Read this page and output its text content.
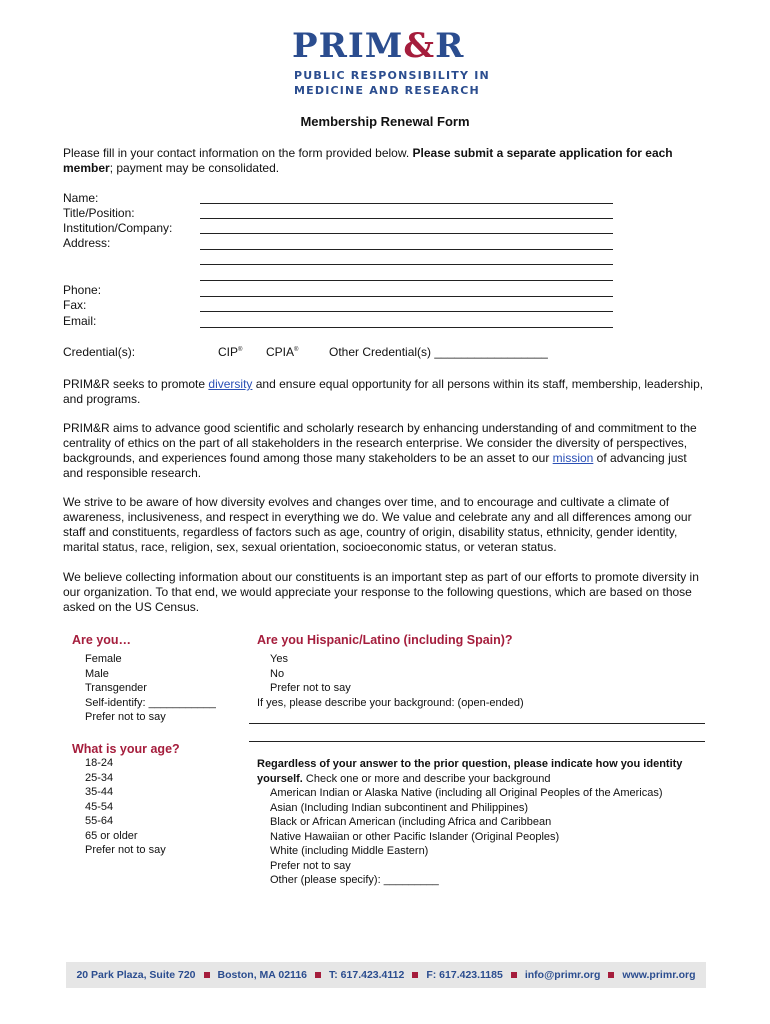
PRIM&R
PUBLIC RESPONSIBILITY IN
MEDICINE AND RESEARCH
Membership Renewal Form
Please fill in your contact information on the form provided below. Please submit a separate application for each member; payment may be consolidated.
Name:
Title/Position:
Institution/Company:
Address:
Phone:
Fax:
Email:
Credential(s):	CIP® CPIA®	Other Credential(s) _________________
PRIM&R seeks to promote diversity and ensure equal opportunity for all persons within its staff, membership, leadership, and programs.
PRIM&R aims to advance good scientific and scholarly research by enhancing understanding of and commitment to the centrality of ethics on the part of all stakeholders in the research enterprise. We consider the diversity of perspectives, backgrounds, and experiences found among those many stakeholders to be an asset to our mission of advancing just and responsible research.
We strive to be aware of how diversity evolves and changes over time, and to encourage and cultivate a climate of awareness, inclusiveness, and respect in everything we do. We value and celebrate any and all differences among our staff and constituents, regardless of factors such as age, country of origin, disability status, ethnicity, gender identity, marital status, race, religion, sex, sexual orientation, socioeconomic status, or veteran status.
We believe collecting information about our constituents is an important step as part of our efforts to promote diversity in our organization. To that end, we would appreciate your response to the following questions, which are based on those asked on the US Census.
Are you…
Female
Male
Transgender
Self-identify: ___________
Prefer not to say
Are you Hispanic/Latino (including Spain)?
Yes
No
Prefer not to say
If yes, please describe your background: (open-ended)
What is your age?
18-24
25-34
35-44
45-54
55-64
65 or older
Prefer not to say
Regardless of your answer to the prior question, please indicate how you identity
yourself. Check one or more and describe your background
American Indian or Alaska Native (including all Original Peoples of the Americas)
Asian (Including Indian subcontinent and Philippines)
Black or African American (including Africa and Caribbean
Native Hawaiian or other Pacific Islander (Original Peoples)
White (including Middle Eastern)
Prefer not to say
Other (please specify): _________
20 Park Plaza, Suite 720 Boston, MA 02116 T: 617.423.4112 F: 617.423.1185 info@primr.org www.primr.org
